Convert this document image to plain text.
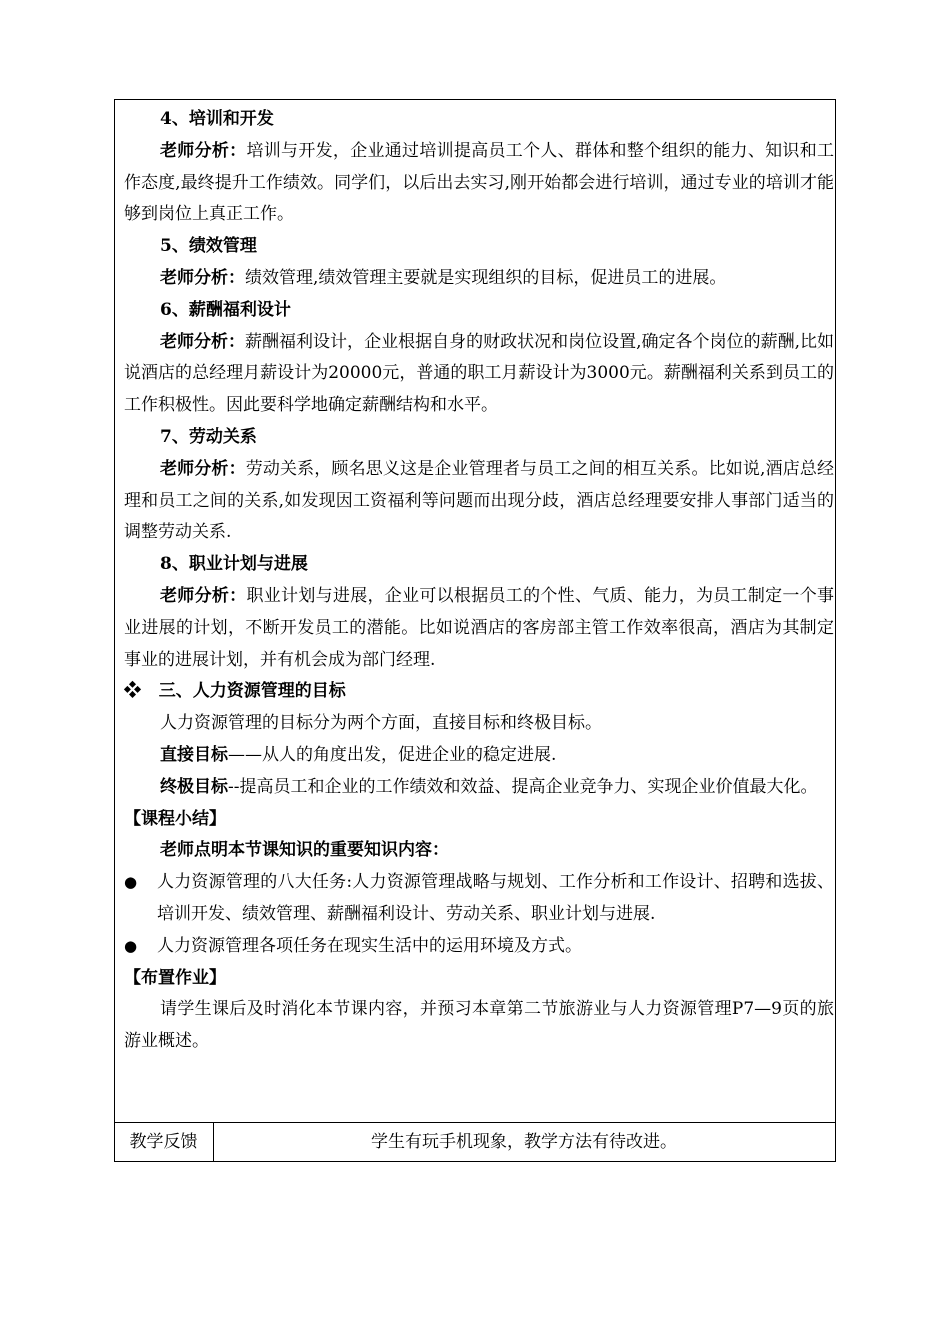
4、培训和开发

老师分析：培训与开发，企业通过培训提高员工个人、群体和整个组织的能力、知识和工作态度,最终提升工作绩效。同学们，以后出去实习,刚开始都会进行培训，通过专业的培训才能够到岗位上真正工作。

5、绩效管理

老师分析：绩效管理,绩效管理主要就是实现组织的目标，促进员工的进展。

6、薪酬福利设计

老师分析：薪酬福利设计，企业根据自身的财政状况和岗位设置,确定各个岗位的薪酬,比如说酒店的总经理月薪设计为20000元，普通的职工月薪设计为3000元。薪酬福利关系到员工的工作积极性。因此要科学地确定薪酬结构和水平。

7、劳动关系

老师分析：劳动关系，顾名思义这是企业管理者与员工之间的相互关系。比如说,酒店总经理和员工之间的关系,如发现因工资福利等问题而出现分歧，酒店总经理要安排人事部门适当的调整劳动关系.

8、职业计划与进展

老师分析：职业计划与进展，企业可以根据员工的个性、气质、能力，为员工制定一个事业进展的计划，不断开发员工的潜能。比如说酒店的客房部主管工作效率很高，酒店为其制定事业的进展计划，并有机会成为部门经理.

❖ 三、人力资源管理的目标

人力资源管理的目标分为两个方面，直接目标和终极目标。

直接目标——从人的角度出发，促进企业的稳定进展.

终极目标--提高员工和企业的工作绩效和效益、提高企业竞争力、实现企业价值最大化。

【课程小结】

老师点明本节课知识的重要知识内容：

● 人力资源管理的八大任务:人力资源管理战略与规划、工作分析和工作设计、招聘和选拔、培训开发、绩效管理、薪酬福利设计、劳动关系、职业计划与进展.

● 人力资源管理各项任务在现实生活中的运用环境及方式。

【布置作业】

请学生课后及时消化本节课内容，并预习本章第二节旅游业与人力资源管理P7—9页的旅游业概述。

教学反馈	学生有玩手机现象，教学方法有待改进。
